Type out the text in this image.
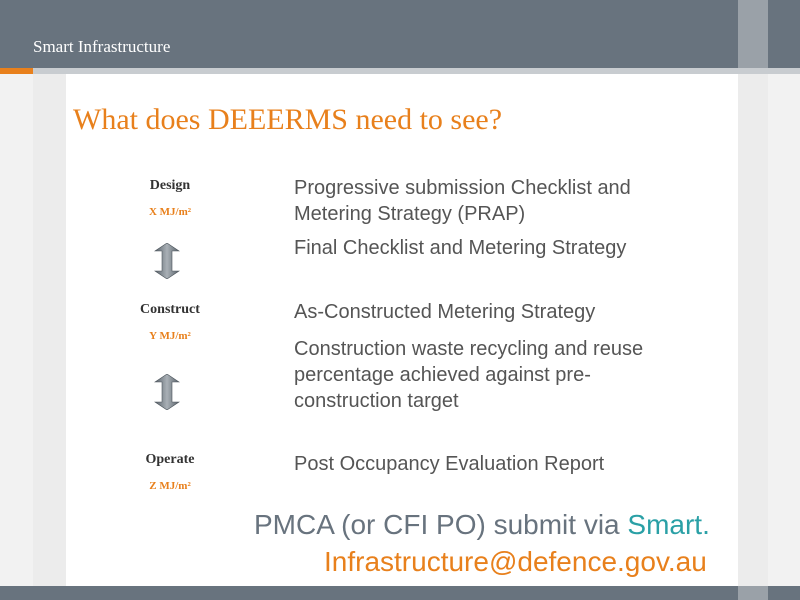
Smart Infrastructure
What does DEEERMS need to see?
Design
X MJ/m²
Construct
Y MJ/m²
Operate
Z MJ/m²
Progressive submission Checklist and Metering Strategy (PRAP)
Final Checklist and Metering Strategy
As-Constructed Metering Strategy
Construction waste recycling and reuse percentage achieved against pre-construction target
Post Occupancy Evaluation Report
PMCA (or CFI PO) submit via Smart.
Infrastructure@defence.gov.au
